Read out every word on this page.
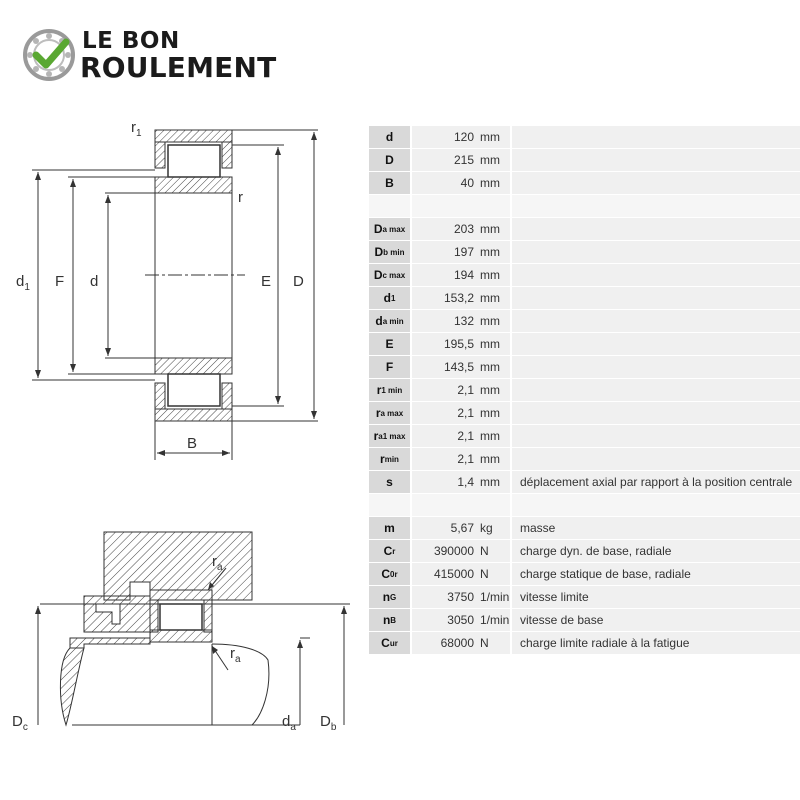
LE BON
ROULEMENT
$r_1$
r
$d_1$ F d	E D
B
$r_a$
$r_a$
$D_c$	$d_a$ $D_b$
d	120 mm
D	215 mm
B	40 mm
D a max	203 mm
D b min	197 mm
D c max	194 mm
d 1	153,2 mm
d a min	132 mm
E	195,5 mm
F	143,5 mm
r 1 min	2,1 mm
r a max	2,1 mm
r a1 max	2,1 mm
r min	2,1 mm
s	1,4 mm	déplacement axial par rapport à la position centrale
m	5,67 kg	masse
C r	390000 N	charge dyn. de base, radiale
C 0r	415000 N	charge statique de base, radiale
n G	3750 1/min vitesse limite
n B	3050 1/min vitesse de base
C ur	68000 N	charge limite radiale à la fatigue
